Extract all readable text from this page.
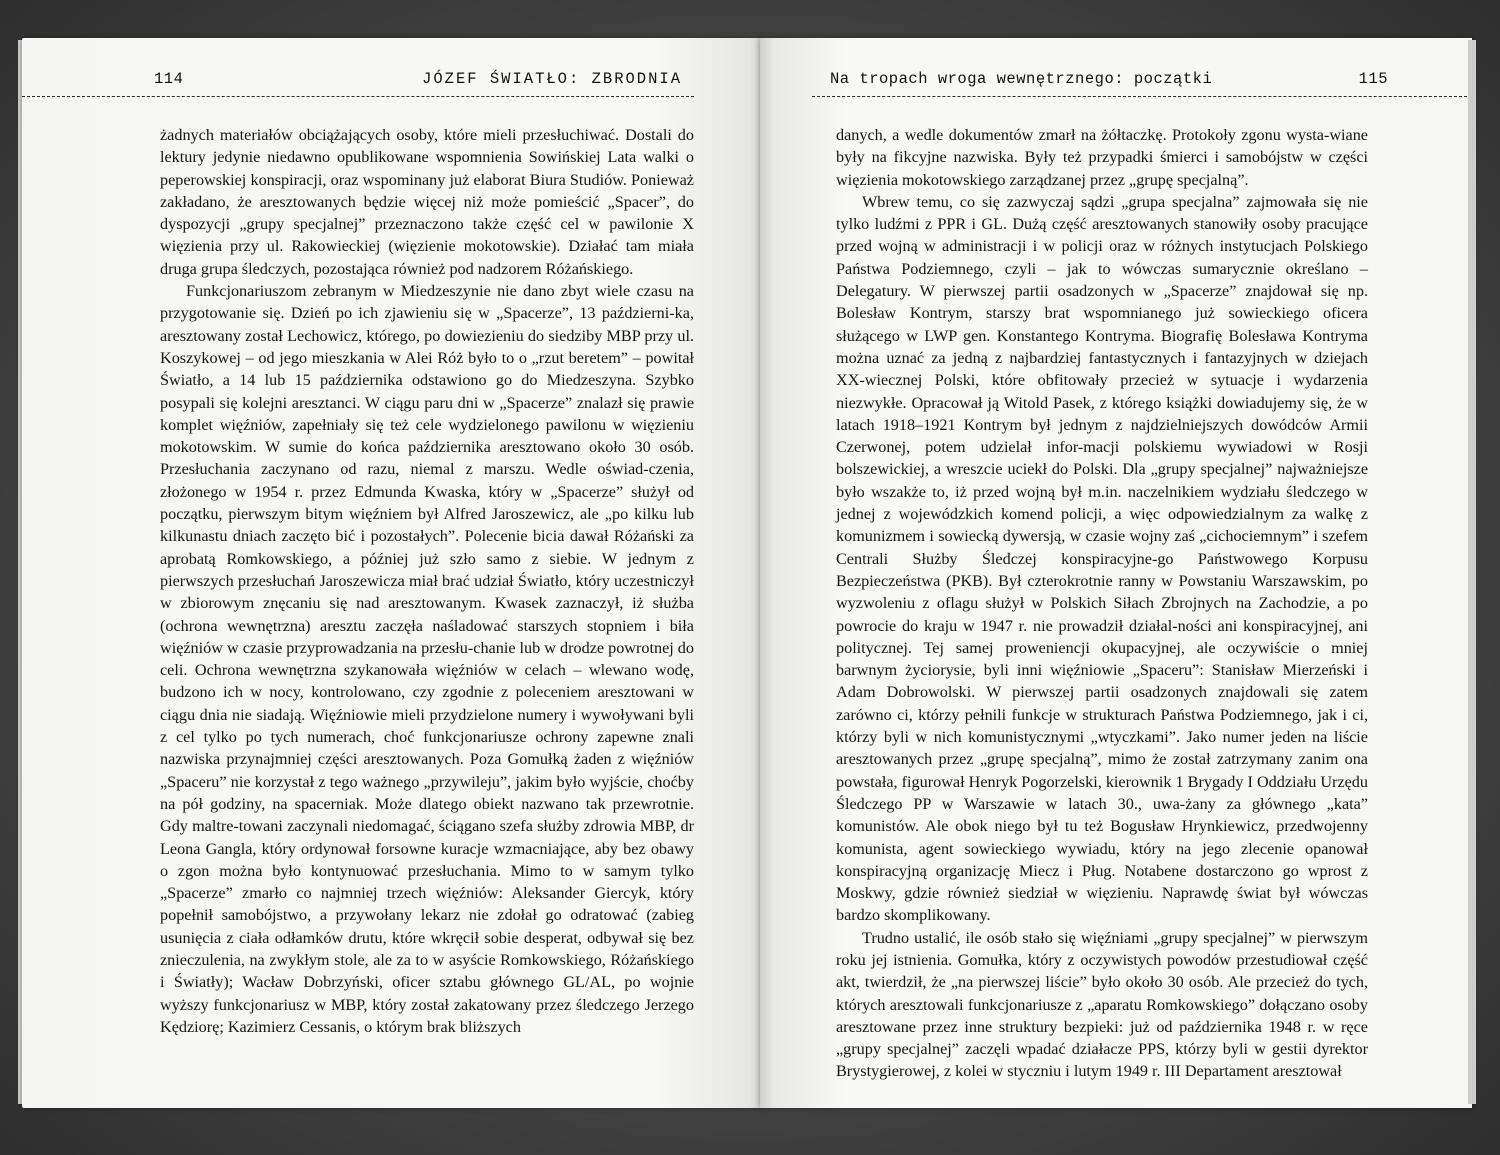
114	JÓZEF ŚWIATŁO: ZBRODNIA

żadnych materiałów obciążających osoby, które mieli przesłuchiwać. Dostali do lektury jedynie niedawno opublikowane wspomnienia Sowińskiej Lata walki o peperowskiej konspiracji, oraz wspominany już elaborat Biura Studiów. Ponieważ zakładano, że aresztowanych będzie więcej niż może pomieścić „Spacer”, do dyspozycji „grupy specjalnej” przeznaczono także część cel w pawilonie X więzienia przy ul. Rakowieckiej (więzienie mokotowskie). Działać tam miała druga grupa śledczych, pozostająca również pod nadzorem Różańskiego.

Funkcjonariuszom zebranym w Miedzeszynie nie dano zbyt wiele czasu na przygotowanie się. Dzień po ich zjawieniu się w „Spacerze”, 13 październi-ka, aresztowany został Lechowicz, którego, po dowiezieniu do siedziby MBP przy ul. Koszykowej – od jego mieszkania w Alei Róż było to o „rzut beretem” – powitał Światło, a 14 lub 15 października odstawiono go do Miedzeszyna. Szybko posypali się kolejni aresztanci. W ciągu paru dni w „Spacerze” znalazł się prawie komplet więźniów, zapełniały się też cele wydzielonego pawilonu w więzieniu mokotowskim. W sumie do końca października aresztowano około 30 osób. Przesłuchania zaczynano od razu, niemal z marszu. Wedle oświad-czenia, złożonego w 1954 r. przez Edmunda Kwaska, który w „Spacerze” służył od początku, pierwszym bitym więźniem był Alfred Jaroszewicz, ale „po kilku lub kilkunastu dniach zaczęto bić i pozostałych”. Polecenie bicia dawał Różański za aprobatą Romkowskiego, a później już szło samo z siebie. W jednym z pierwszych przesłuchań Jaroszewicza miał brać udział Światło, który uczestniczył w zbiorowym znęcaniu się nad aresztowanym. Kwasek zaznaczył, iż służba (ochrona wewnętrzna) aresztu zaczęła naśladować starszych stopniem i biła więźniów w czasie przyprowadzania na przesłu-chanie lub w drodze powrotnej do celi. Ochrona wewnętrzna szykanowała więźniów w celach – wlewano wodę, budzono ich w nocy, kontrolowano, czy zgodnie z poleceniem aresztowani w ciągu dnia nie siadają. Więźniowie mieli przydzielone numery i wywoływani byli z cel tylko po tych numerach, choć funkcjonariusze ochrony zapewne znali nazwiska przynajmniej części aresztowanych. Poza Gomułką żaden z więźniów „Spaceru” nie korzystał z tego ważnego „przywileju”, jakim było wyjście, choćby na pół godziny, na spacerniak. Może dlatego obiekt nazwano tak przewrotnie. Gdy maltre-towani zaczynali niedomagać, ściągano szefa służby zdrowia MBP, dr Leona Gangla, który ordynował forsowne kuracje wzmacniające, aby bez obawy o zgon można było kontynuować przesłuchania. Mimo to w samym tylko „Spacerze” zmarło co najmniej trzech więźniów: Aleksander Giercyk, który popełnił samobójstwo, a przywołany lekarz nie zdołał go odratować (zabieg usunięcia z ciała odłamków drutu, które wkręcił sobie desperat, odbywał się bez znieczulenia, na zwykłym stole, ale za to w asyście Romkowskiego, Różańskiego i Światły); Wacław Dobrzyński, oficer sztabu głównego GL/AL, po wojnie wyższy funkcjonariusz w MBP, który został zakatowany przez śledczego Jerzego Kędziorę; Kazimierz Cessanis, o którym brak bliższych

Na tropach wroga wewnętrznego: początki	115

danych, a wedle dokumentów zmarł na żółtaczkę. Protokoły zgonu wysta-wiane były na fikcyjne nazwiska. Były też przypadki śmierci i samobójstw w części więzienia mokotowskiego zarządzanej przez „grupę specjalną”.

Wbrew temu, co się zazwyczaj sądzi „grupa specjalna” zajmowała się nie tylko ludźmi z PPR i GL. Dużą część aresztowanych stanowiły osoby pracujące przed wojną w administracji i w policji oraz w różnych instytucjach Polskiego Państwa Podziemnego, czyli – jak to wówczas sumarycznie określano – Delegatury. W pierwszej partii osadzonych w „Spacerze” znajdował się np. Bolesław Kontrym, starszy brat wspomnianego już sowieckiego oficera służącego w LWP gen. Konstantego Kontryma. Biografię Bolesława Kontryma można uznać za jedną z najbardziej fantastycznych i fantazyjnych w dziejach XX-wiecznej Polski, które obfitowały przecież w sytuacje i wydarzenia niezwykłe. Opracował ją Witold Pasek, z którego książki dowiadujemy się, że w latach 1918–1921 Kontrym był jednym z najdzielniejszych dowódców Armii Czerwonej, potem udzielał infor-macji polskiemu wywiadowi w Rosji bolszewickiej, a wreszcie uciekł do Polski. Dla „grupy specjalnej” najważniejsze było wszakże to, iż przed wojną był m.in. naczelnikiem wydziału śledczego w jednej z wojewódzkich komend policji, a więc odpowiedzialnym za walkę z komunizmem i sowiecką dywersją, w czasie wojny zaś „cichociemnym” i szefem Centrali Służby Śledczej konspiracyjne-go Państwowego Korpusu Bezpieczeństwa (PKB). Był czterokrotnie ranny w Powstaniu Warszawskim, po wyzwoleniu z oflagu służył w Polskich Siłach Zbrojnych na Zachodzie, a po powrocie do kraju w 1947 r. nie prowadził działal-ności ani konspiracyjnej, ani politycznej. Tej samej proweniencji okupacyjnej, ale oczywiście o mniej barwnym życiorysie, byli inni więźniowie „Spaceru”: Stanisław Mierzeński i Adam Dobrowolski. W pierwszej partii osadzonych znajdowali się zatem zarówno ci, którzy pełnili funkcje w strukturach Państwa Podziemnego, jak i ci, którzy byli w nich komunistycznymi „wtyczkami”. Jako numer jeden na liście aresztowanych przez „grupę specjalną”, mimo że został zatrzymany zanim ona powstała, figurował Henryk Pogorzelski, kierownik 1 Brygady I Oddziału Urzędu Śledczego PP w Warszawie w latach 30., uwa-żany za głównego „kata” komunistów. Ale obok niego był tu też Bogusław Hrynkiewicz, przedwojenny komunista, agent sowieckiego wywiadu, który na jego zlecenie opanował konspiracyjną organizację Miecz i Pług. Notabene dostarczono go wprost z Moskwy, gdzie również siedział w więzieniu. Naprawdę świat był wówczas bardzo skomplikowany.

Trudno ustalić, ile osób stało się więźniami „grupy specjalnej” w pierwszym roku jej istnienia. Gomułka, który z oczywistych powodów przestudiował część akt, twierdził, że „na pierwszej liście” było około 30 osób. Ale przecież do tych, których aresztowali funkcjonariusze z „aparatu Romkowskiego” dołączano osoby aresztowane przez inne struktury bezpieki: już od października 1948 r. w ręce „grupy specjalnej” zaczęli wpadać działacze PPS, którzy byli w gestii dyrektor Brystygierowej, z kolei w styczniu i lutym 1949 r. III Departament aresztował
